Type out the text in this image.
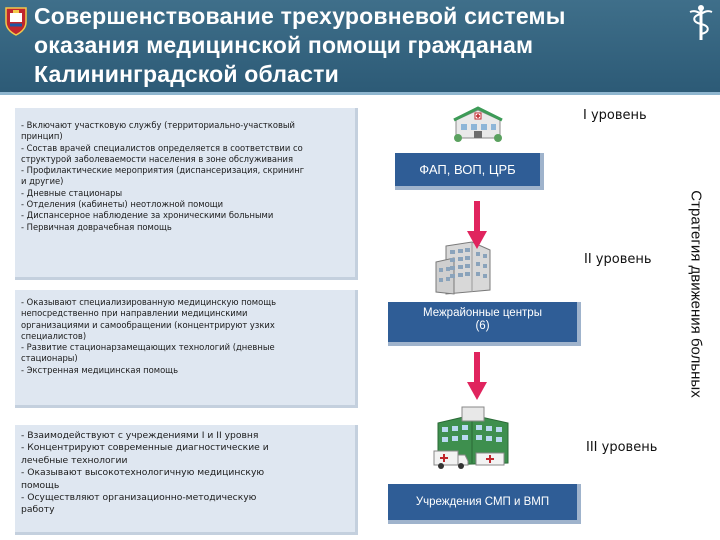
Совершенствование трехуровневой системы
оказания медицинской помощи гражданам
Калининградской области

- Включают участковую службу (территориально-участковый

принцип)

- Состав врачей специалистов определяется в соответствии со

структурой заболеваемости населения в зоне обслуживания

- Профилактические мероприятия (диспансеризация, скрининг

и другие)

- Дневные стационары

- Отделения (кабинеты) неотложной помощи

- Диспансерное наблюдение за хроническими больными

- Первичная доврачебная помощь

- Оказывают специализированную медицинскую помощь

непосредственно при направлении медицинскими

организациями и самообращении (концентрируют узких

специалистов)

- Развитие стационарзамещающих технологий (дневные

стационары)

- Экстренная медицинская помощь

- Взаимодействуют с учреждениями I и II уровня

- Концентрируют современные диагностические и

лечебные технологии

- Оказывают высокотехнологичную медицинскую

помощь

- Осуществляют организационно-методическую

работу

I уровень
II уровень
III уровень
ФАП, ВОП, ЦРБ
Межрайонные центры
(6)
Учреждения СМП и ВМП
Стратегия движения больных
